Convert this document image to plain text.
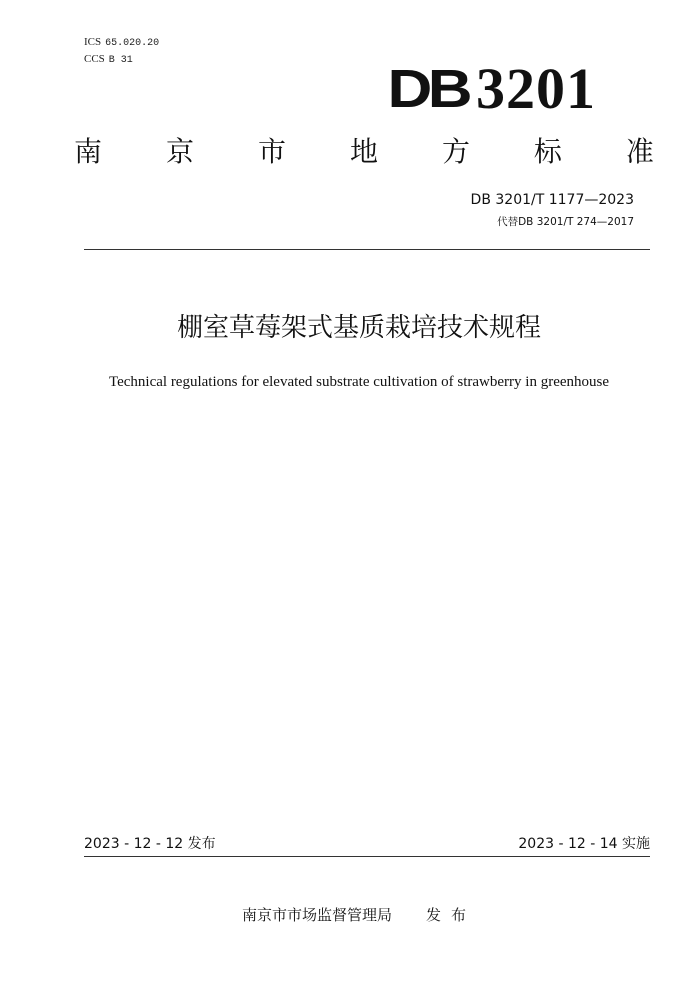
ICS 65.020.20
CCS B 31	DB 3201
南 京 市 地 方 标 准
DB 3201/T 1177—2023
代替DB 3201/T 274—2017
棚室草莓架式基质栽培技术规程
Technical regulations for elevated substrate cultivation of strawberry in greenhouse
2023 - 12 - 12 发布	2023 - 12 - 14 实施
南京市市场监督管理局 发布
